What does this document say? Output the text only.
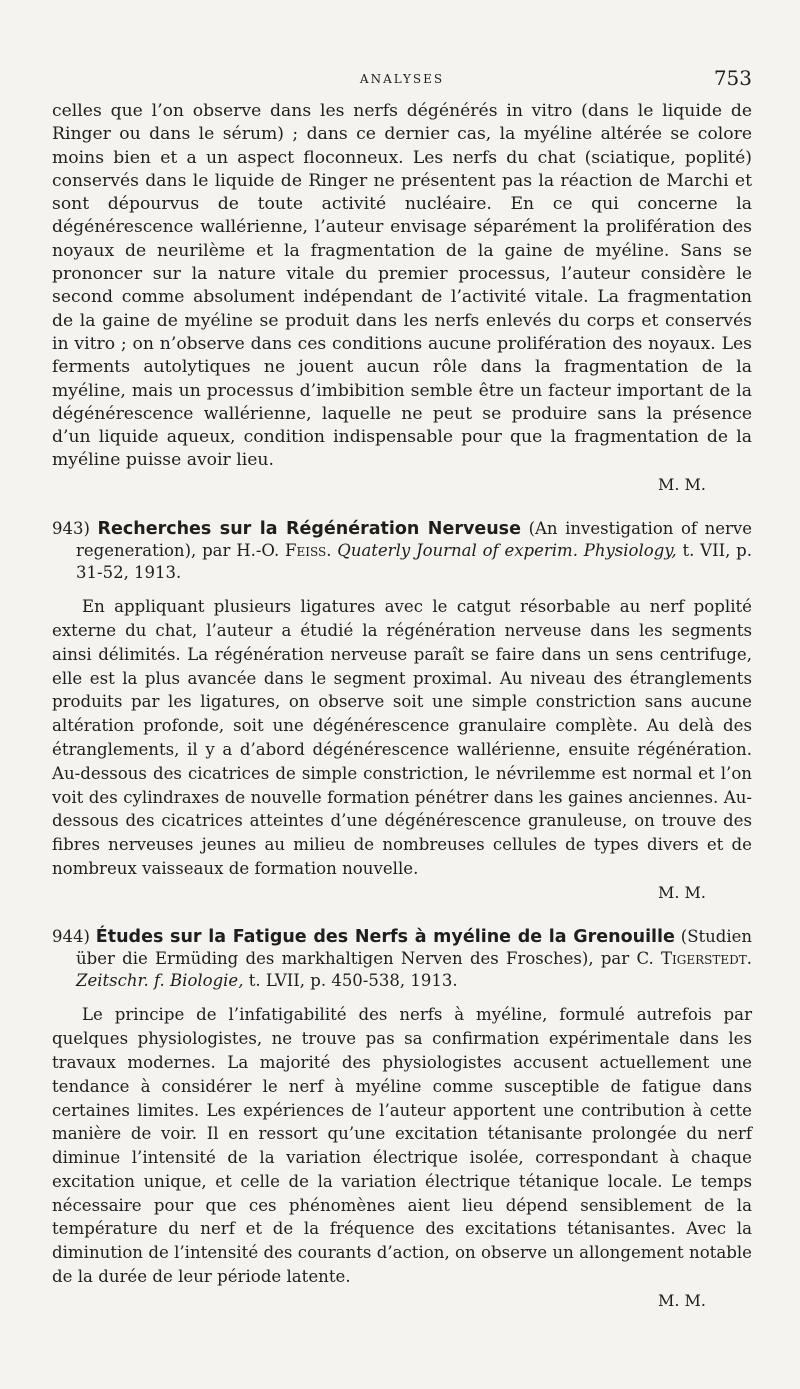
ANALYSES	753

celles que l’on observe dans les nerfs dégénérés in vitro (dans le liquide de Ringer ou dans le sérum) ; dans ce dernier cas, la myéline altérée se colore moins bien et a un aspect floconneux. Les nerfs du chat (sciatique, poplité) conservés dans le liquide de Ringer ne présentent pas la réaction de Marchi et sont dépourvus de toute activité nucléaire. En ce qui concerne la dégénérescence wallérienne, l’auteur envisage séparément la prolifération des noyaux de neurilème et la fragmentation de la gaine de myéline. Sans se prononcer sur la nature vitale du premier processus, l’auteur considère le second comme absolument indépendant de l’activité vitale. La fragmentation de la gaine de myéline se produit dans les nerfs enlevés du corps et conservés in vitro ; on n’observe dans ces conditions aucune prolifération des noyaux. Les ferments autolytiques ne jouent aucun rôle dans la fragmentation de la myéline, mais un processus d’imbibition semble être un facteur important de la dégénérescence wallérienne, laquelle ne peut se produire sans la présence d’un liquide aqueux, condition indispensable pour que la fragmentation de la myéline puisse avoir lieu.

M. M.

943) Recherches sur la Régénération Nerveuse (An investigation of nerve regeneration), par H.-O. Feiss. Quaterly Journal of experim. Physiology, t. VII, p. 31-52, 1913.

En appliquant plusieurs ligatures avec le catgut résorbable au nerf poplité externe du chat, l’auteur a étudié la régénération nerveuse dans les segments ainsi délimités. La régénération nerveuse paraît se faire dans un sens centrifuge, elle est la plus avancée dans le segment proximal. Au niveau des étranglements produits par les ligatures, on observe soit une simple constriction sans aucune altération profonde, soit une dégénérescence granulaire complète. Au delà des étranglements, il y a d’abord dégénérescence wallérienne, ensuite régénération. Au-dessous des cicatrices de simple constriction, le névrilemme est normal et l’on voit des cylindraxes de nouvelle formation pénétrer dans les gaines anciennes. Au-dessous des cicatrices atteintes d’une dégénérescence granuleuse, on trouve des fibres nerveuses jeunes au milieu de nombreuses cellules de types divers et de nombreux vaisseaux de formation nouvelle.

M. M.

944) Études sur la Fatigue des Nerfs à myéline de la Grenouille (Studien über die Ermüding des markhaltigen Nerven des Frosches), par C. Tigerstedt. Zeitschr. f. Biologie, t. LVII, p. 450-538, 1913.

Le principe de l’infatigabilité des nerfs à myéline, formulé autrefois par quelques physiologistes, ne trouve pas sa confirmation expérimentale dans les travaux modernes. La majorité des physiologistes accusent actuellement une tendance à considérer le nerf à myéline comme susceptible de fatigue dans certaines limites. Les expériences de l’auteur apportent une contribution à cette manière de voir. Il en ressort qu’une excitation tétanisante prolongée du nerf diminue l’intensité de la variation électrique isolée, correspondant à chaque excitation unique, et celle de la variation électrique tétanique locale. Le temps nécessaire pour que ces phénomènes aient lieu dépend sensiblement de la température du nerf et de la fréquence des excitations tétanisantes. Avec la diminution de l’intensité des courants d’action, on observe un allongement notable de la durée de leur période latente.

M. M.
